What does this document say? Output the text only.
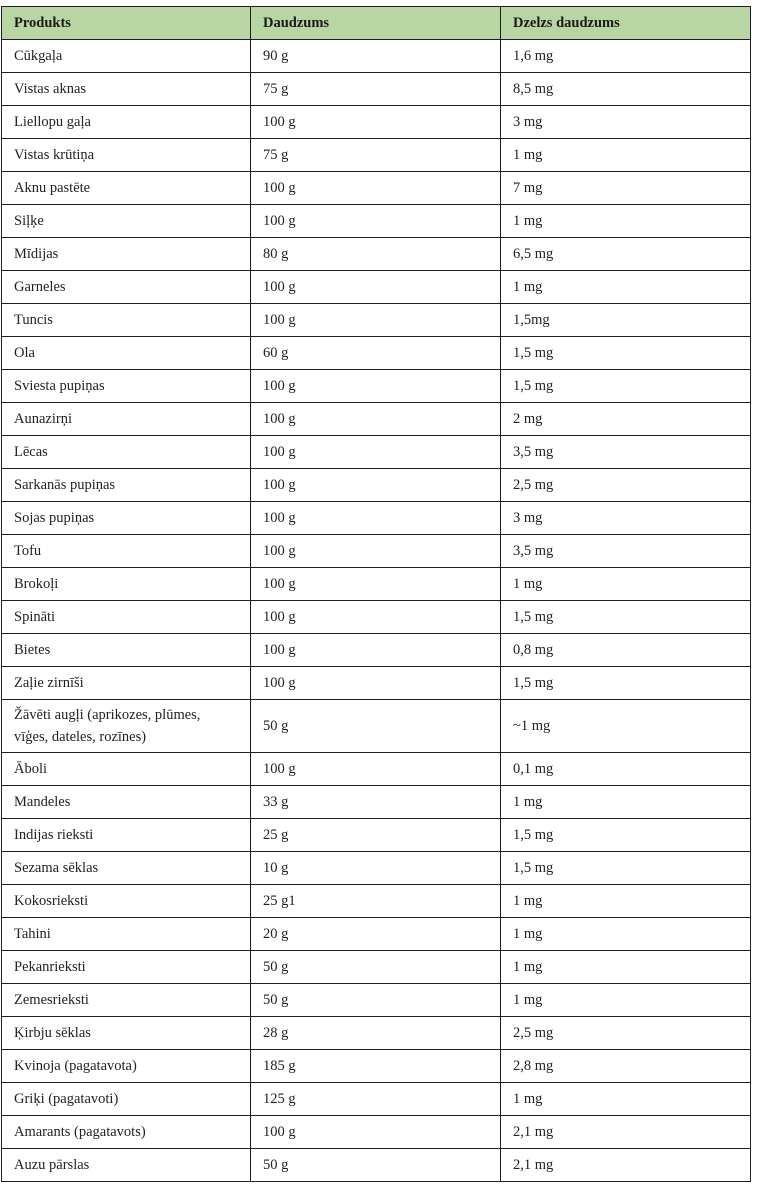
Produkts	Daudzums	Dzelzs daudzums
Cūkgaļa	90 g	1,6 mg
Vistas aknas	75 g	8,5 mg
Liellopu gaļa	100 g	3 mg
Vistas krūtiņa	75 g	1 mg
Aknu pastēte	100 g	7 mg
Siļķe	100 g	1 mg
Mīdijas	80 g	6,5 mg
Garneles	100 g	1 mg
Tuncis	100 g	1,5mg
Ola	60 g	1,5 mg
Sviesta pupiņas	100 g	1,5 mg
Aunazirņi	100 g	2 mg
Lēcas	100 g	3,5 mg
Sarkanās pupiņas	100 g	2,5 mg
Sojas pupiņas	100 g	3 mg
Tofu	100 g	3,5 mg
Brokoļi	100 g	1 mg
Spināti	100 g	1,5 mg
Bietes	100 g	0,8 mg
Zaļie zirnīši	100 g	1,5 mg
Žāvēti augļi (aprikozes, plūmes, vīģes, dateles, rozīnes)	50 g	~1 mg
Āboli	100 g	0,1 mg
Mandeles	33 g	1 mg
Indijas rieksti	25 g	1,5 mg
Sezama sēklas	10 g	1,5 mg
Kokosrieksti	25 g1	1 mg
Tahini	20 g	1 mg
Pekanrieksti	50 g	1 mg
Zemesrieksti	50 g	1 mg
Ķirbju sēklas	28 g	2,5 mg
Kvinoja (pagatavota)	185 g	2,8 mg
Griķi (pagatavoti)	125 g	1 mg
Amarants (pagatavots)	100 g	2,1 mg
Auzu pārslas	50 g	2,1 mg
